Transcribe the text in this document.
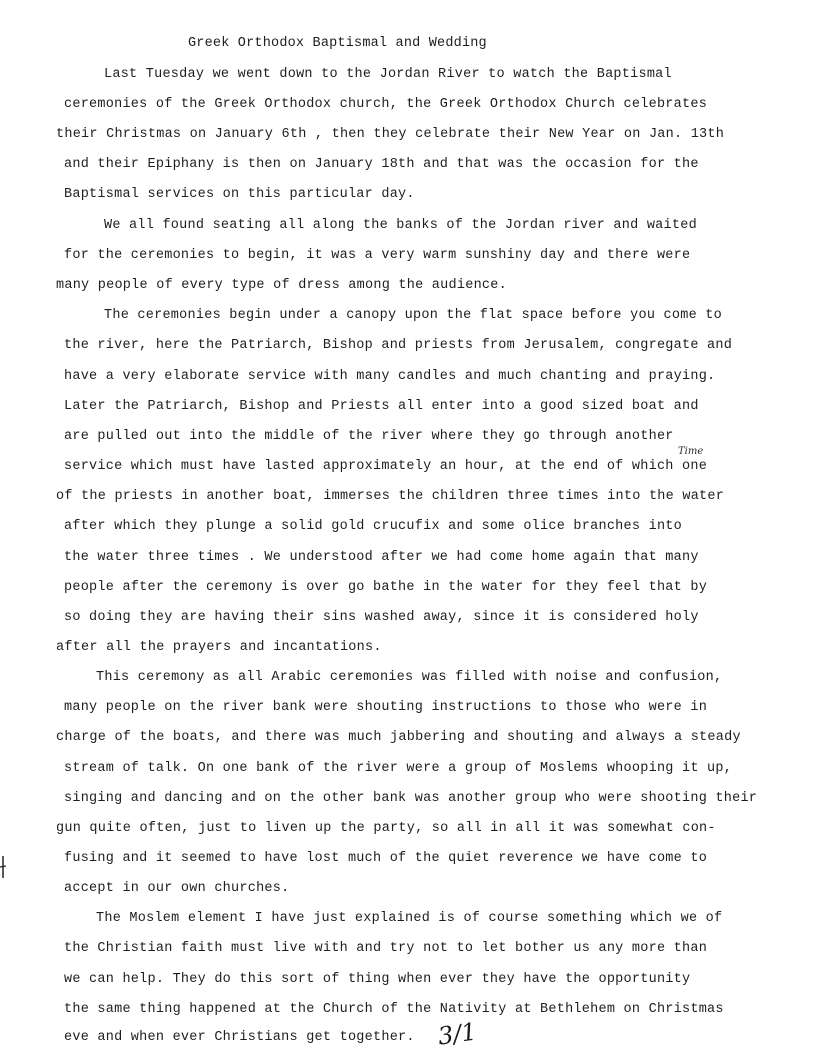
Greek Orthodox Baptismal and Wedding
Last Tuesday we went down to the Jordan River to watch the Baptismal
ceremonies of the Greek Orthodox church, the Greek Orthodox Church celebrates
their Christmas on January 6th , then they celebrate their New Year on Jan. 13th
and their Epiphany is then on January 18th and that was the occasion for the
Baptismal services on this particular day.
We all found seating all along the banks of the Jordan river and waited
for the ceremonies to begin, it was a very warm sunshiny day and there were
many people of every type of dress among the audience.
The ceremonies begin under a canopy upon the flat space before you come to
the river, here the Patriarch, Bishop and priests from Jerusalem, congregate and
have a very elaborate service with many candles and much chanting and praying.
Later the Patriarch, Bishop and Priests all enter into a good sized boat and
are pulled out into the middle of the river where they go through another
service which must have lasted approximately an hour, at the end of which one
Time
of the priests in another boat, immerses the children three times into the water
after which they plunge a solid gold crucufix and some olice branches into
the water three times . We understood after we had come home again that many
people after the ceremony is over go bathe in the water for they feel that by
so doing they are having their sins washed away, since it is considered holy
after all the prayers and incantations.
This ceremony as all Arabic ceremonies was filled with noise and confusion,
many people on the river bank were shouting instructions to those who were in
charge of the boats, and there was much jabbering and shouting and always a steady
stream of talk. On one bank of the river were a group of Moslems whooping it up,
singing and dancing and on the other bank was another group who were shooting their
gun quite often, just to liven up the party, so all in all it was somewhat con-
fusing and it seemed to have lost much of the quiet reverence we have come to
accept in our own churches.
The Moslem element I have just explained is of course something which we of
the Christian faith must live with and try not to let bother us any more than
we can help. They do this sort of thing when ever they have the opportunity
the same thing happened at the Church of the Nativity at Bethlehem on Christmas
eve and when ever Christians get together. 3/1
